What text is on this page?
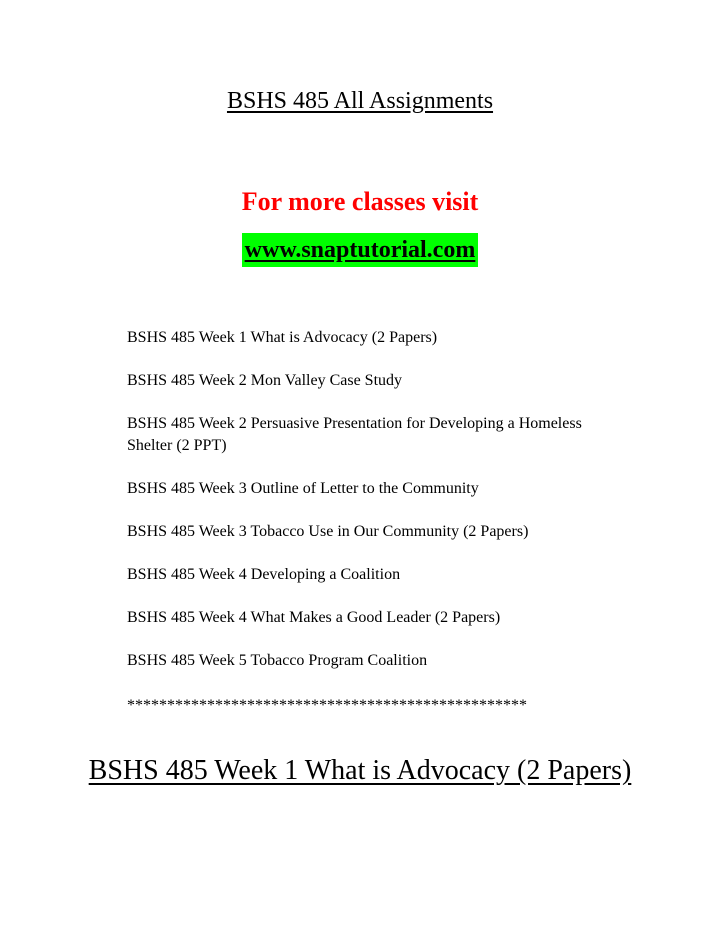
BSHS 485 All Assignments
For more classes visit
www.snaptutorial.com
BSHS 485 Week 1 What is Advocacy (2 Papers)
BSHS 485 Week 2 Mon Valley Case Study
BSHS 485 Week 2 Persuasive Presentation for Developing a Homeless Shelter (2 PPT)
BSHS 485 Week 3 Outline of Letter to the Community
BSHS 485 Week 3 Tobacco Use in Our Community (2 Papers)
BSHS 485 Week 4 Developing a Coalition
BSHS 485 Week 4 What Makes a Good Leader (2 Papers)
BSHS 485 Week 5 Tobacco Program Coalition
**************************************************
BSHS 485 Week 1 What is Advocacy (2 Papers)
